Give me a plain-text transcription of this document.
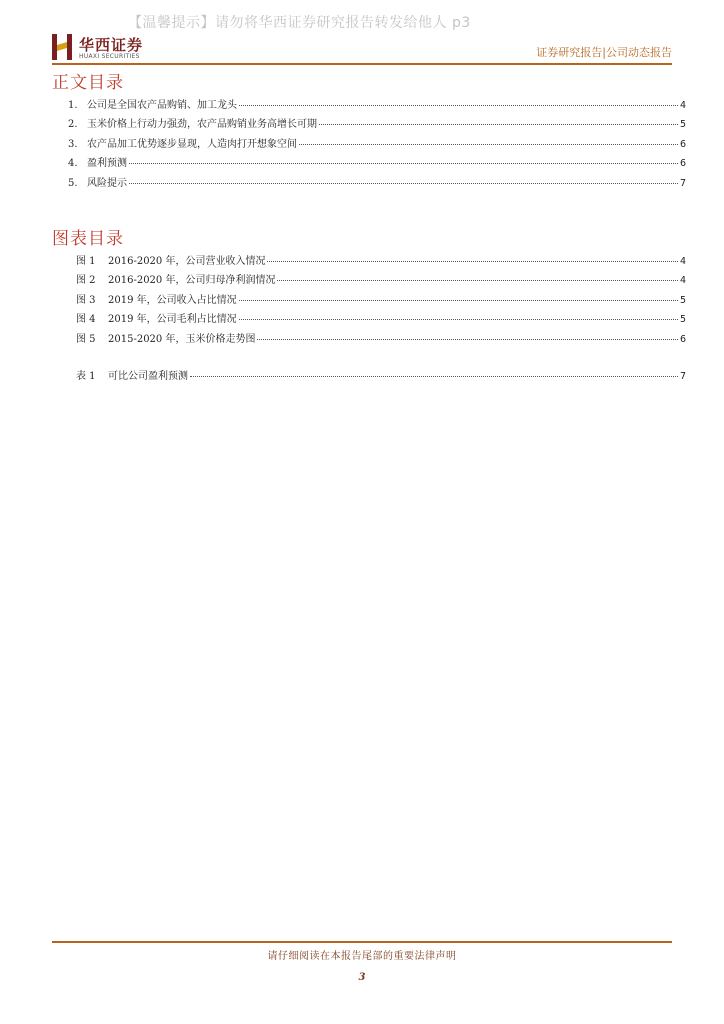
【温馨提示】请勿将华西证券研究报告转发给他人 p3
华西证券
HUAXI SECURITIES	证券研究报告|公司动态报告
正文目录
1. 公司是全国农产品购销、加工龙头	4
2. 玉米价格上行动力强劲，农产品购销业务高增长可期	5
3. 农产品加工优势逐步显现，人造肉打开想象空间	6
4. 盈利预测	6
5. 风险提示	7
图表目录
图 1	2016-2020 年，公司营业收入情况	4
图 2	2016-2020 年，公司归母净利润情况	4
图 3	2019 年，公司收入占比情况	5
图 4	2019 年，公司毛利占比情况	5
图 5	2015-2020 年，玉米价格走势图	6
表 1	可比公司盈利预测	7
请仔细阅读在本报告尾部的重要法律声明
3
